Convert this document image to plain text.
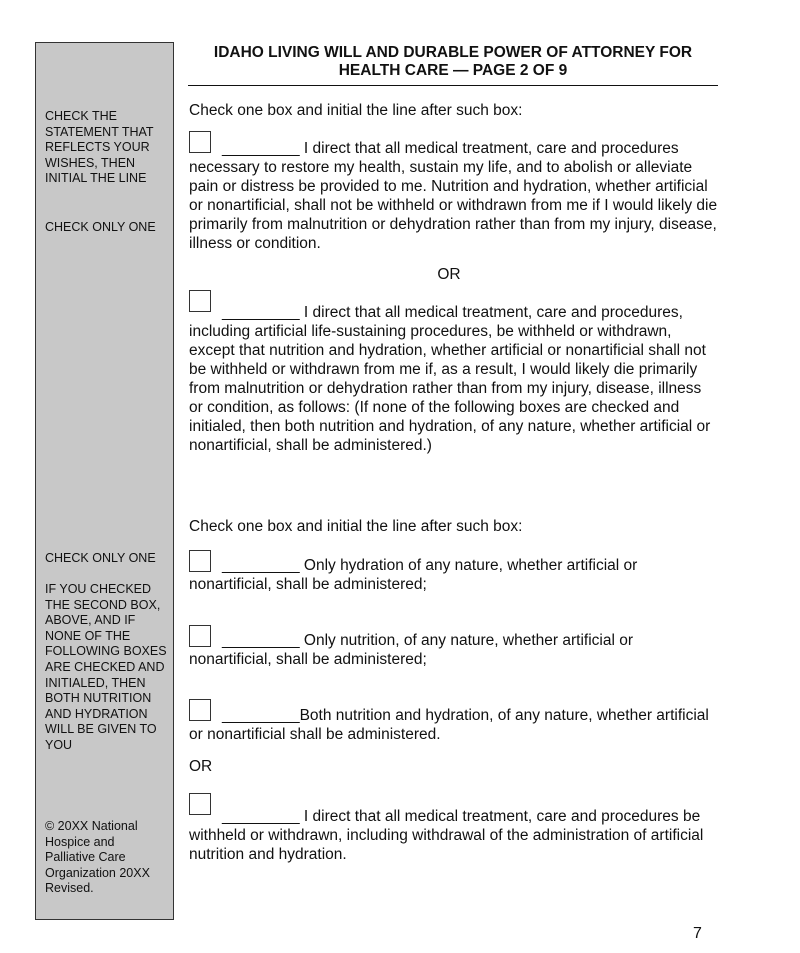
CHECK THE STATEMENT THAT REFLECTS YOUR WISHES, THEN INITIAL THE LINE

CHECK ONLY ONE

CHECK ONLY ONE

IF YOU CHECKED THE SECOND BOX, ABOVE, AND IF NONE OF THE FOLLOWING BOXES ARE CHECKED AND INITIALED, THEN BOTH NUTRITION AND HYDRATION WILL BE GIVEN TO YOU

© 20XX National Hospice and Palliative Care Organization 20XX Revised.

IDAHO LIVING WILL AND DURABLE POWER OF ATTORNEY FOR
HEALTH CARE — PAGE 2 OF 9

Check one box and initial the line after such box:

_________ I direct that all medical treatment, care and procedures necessary to restore my health, sustain my life, and to abolish or alleviate pain or distress be provided to me. Nutrition and hydration, whether artificial or nonartificial, shall not be withheld or withdrawn from me if I would likely die primarily from malnutrition or dehydration rather than from my injury, disease, illness or condition.

OR

_________ I direct that all medical treatment, care and procedures, including artificial life-sustaining procedures, be withheld or withdrawn, except that nutrition and hydration, whether artificial or nonartificial shall not be withheld or withdrawn from me if, as a result, I would likely die primarily from malnutrition or dehydration rather than from my injury, disease, illness or condition, as follows: (If none of the following boxes are checked and initialed, then both nutrition and hydration, of any nature, whether artificial or nonartificial, shall be administered.)

Check one box and initial the line after such box:

_________ Only hydration of any nature, whether artificial or nonartificial, shall be administered;

_________ Only nutrition, of any nature, whether artificial or nonartificial, shall be administered;

_________Both nutrition and hydration, of any nature, whether artificial or nonartificial shall be administered.

OR

_________ I direct that all medical treatment, care and procedures be withheld or withdrawn, including withdrawal of the administration of artificial nutrition and hydration.

7
